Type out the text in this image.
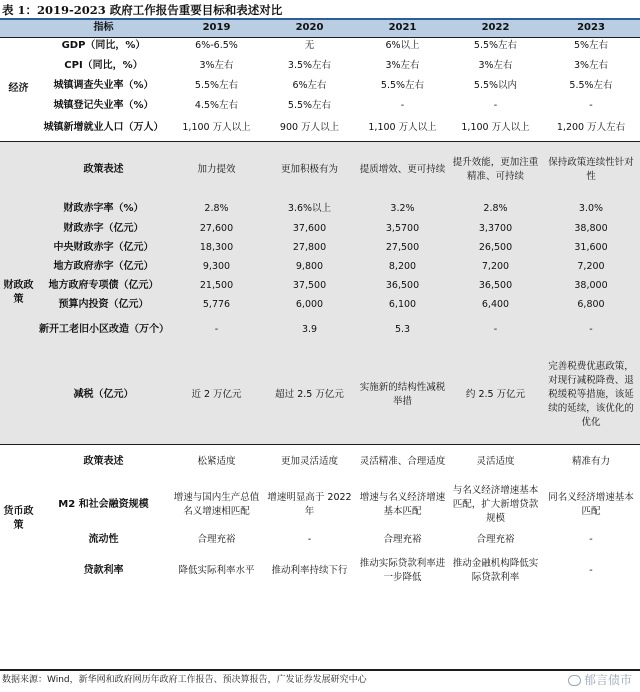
表 1：2019-2023 政府工作报告重要目标和表述对比
	指标	2019	2020	2021	2022	2023
经济	GDP（同比，%）	6%-6.5%	无	6%以上	5.5%左右	5%左右
	CPI（同比，%）	3%左右	3.5%左右	3%左右	3%左右	3%左右
	城镇调查失业率（%）	5.5%左右	6%左右	5.5%左右	5.5%以内	5.5%左右
	城镇登记失业率（%）	4.5%左右	5.5%左右	-	-	-
	城镇新增就业人口（万人）	1,100 万人以上	900 万人以上	1,100 万人以上	1,100 万人以上	1,200 万人左右
财政政策	政策表述	加力提效	更加积极有为	提质增效、更可持续	提升效能，更加注重精准、可持续	保持政策连续性针对性
	财政赤字率（%）	2.8%	3.6%以上	3.2%	2.8%	3.0%
	财政赤字（亿元）	27,600	37,600	3,5700	3,3700	38,800
	中央财政赤字（亿元）	18,300	27,800	27,500	26,500	31,600
	地方政府赤字（亿元）	9,300	9,800	8,200	7,200	7,200
	地方政府专项债（亿元）	21,500	37,500	36,500	36,500	38,000
	预算内投资（亿元）	5,776	6,000	6,100	6,400	6,800
	新开工老旧小区改造（万个）	-	3.9	5.3	-	-
	减税（亿元）	近 2 万亿元	超过 2.5 万亿元	实施新的结构性减税举措	约 2.5 万亿元	完善税费优惠政策，对现行减税降费、退税缓税等措施，该延续的延续，该优化的优化
货币政策	政策表述	松紧适度	更加灵活适度	灵活精准、合理适度	灵活适度	精准有力
	M2 和社会融资规模	增速与国内生产总值名义增速相匹配	增速明显高于 2022 年	增速与名义经济增速基本匹配	与名义经济增速基本匹配，扩大新增贷款规模	同名义经济增速基本匹配
	流动性	合理充裕	-	合理充裕	合理充裕	-
	贷款利率	降低实际利率水平	推动利率持续下行	推动实际贷款利率进一步降低	推动金融机构降低实际贷款利率	-
数据来源：Wind，新华网和政府网历年政府工作报告、预决算报告，广发证券发展研究中心	郁言债市
